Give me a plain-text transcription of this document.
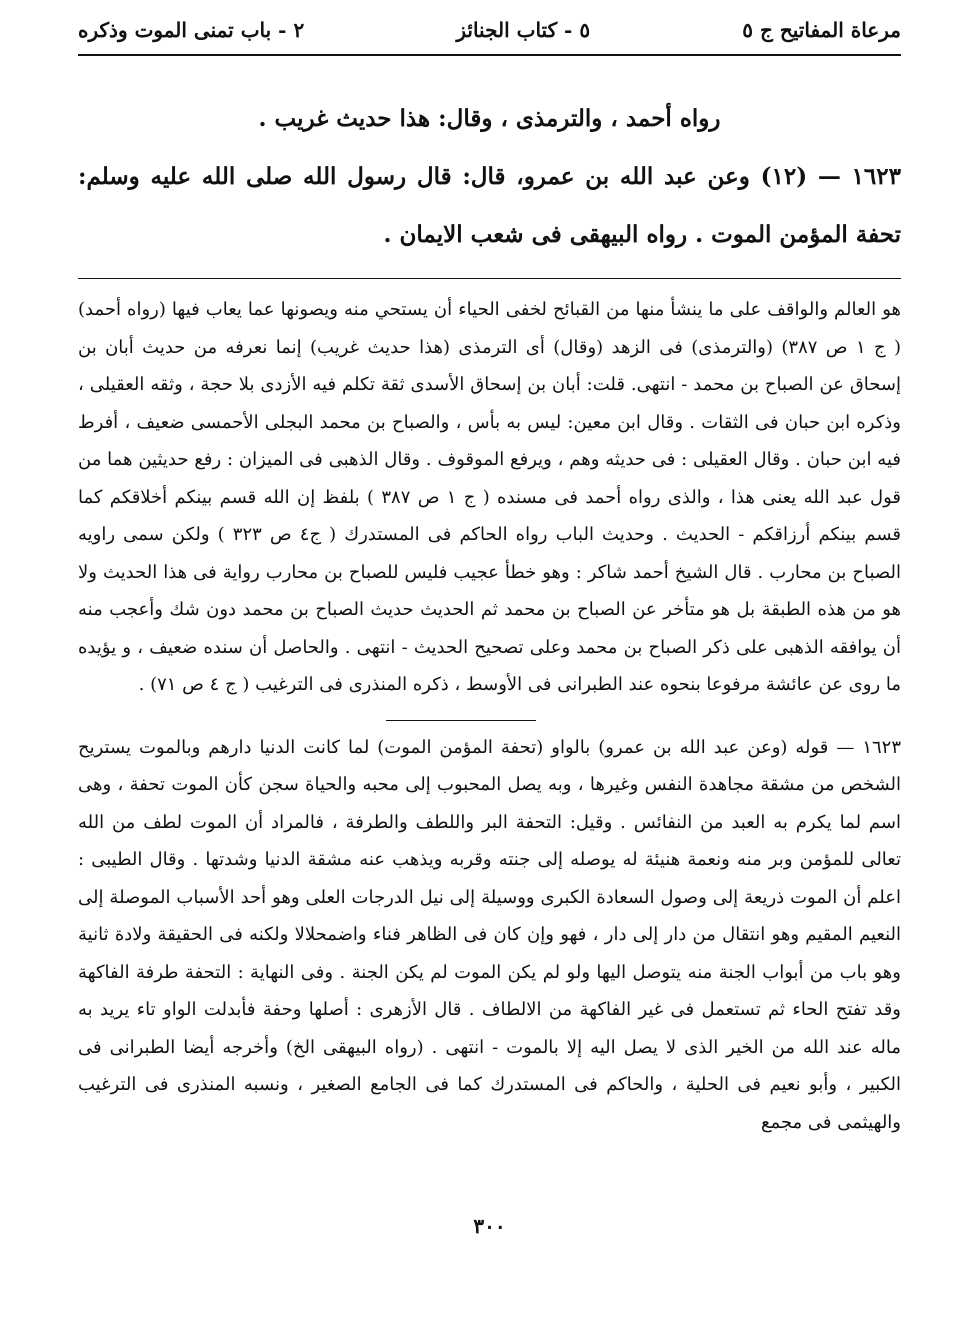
مرعاة المفاتيح ج ٥
٥ - كتاب الجنائز
٢ - باب تمنى الموت وذكره

رواه أحمد ، والترمذى ، وقال: هذا حديث غريب .

١٦٢٣ — (١٢) وعن عبد الله بن عمرو، قال: قال رسول الله صلى الله عليه وسلم: تحفة المؤمن الموت . رواه البيهقى فى شعب الايمان .

هو العالم والواقف على ما ينشأ منها من القبائح لخفى الحياء أن يستحي منه ويصونها عما يعاب فيها (رواه أحمد) ( ج ١ ص ٣٨٧) (والترمذى) فى الزهد (وقال) أى الترمذى (هذا حديث غريب) إنما نعرفه من حديث أبان بن إسحاق عن الصباح بن محمد - انتهى. قلت: أبان بن إسحاق الأسدى ثقة تكلم فيه الأزدى بلا حجة ، وثقه العقيلى ، وذكره ابن حبان فى الثقات . وقال ابن معين: ليس به بأس ، والصباح بن محمد البجلى الأحمسى ضعيف ، أفرط فيه ابن حبان . وقال العقيلى : فى حديثه وهم ، ويرفع الموقوف . وقال الذهبى فى الميزان : رفع حديثين هما من قول عبد الله يعنى هذا ، والذى رواه أحمد فى مسنده ( ج ١ ص ٣٨٧ ) بلفظ إن الله قسم بينكم أخلاقكم كما قسم بينكم أرزاقكم - الحديث . وحديث الباب رواه الحاكم فى المستدرك ( ج٤ ص ٣٢٣ ) ولكن سمى راويه الصباح بن محارب . قال الشيخ أحمد شاكر : وهو خطأ عجيب فليس للصباح بن محارب رواية فى هذا الحديث ولا هو من هذه الطبقة بل هو متأخر عن الصباح بن محمد ثم الحديث حديث الصباح بن محمد دون شك وأعجب منه أن يوافقه الذهبى على ذكر الصباح بن محمد وعلى تصحيح الحديث - انتهى . والحاصل أن سنده ضعيف ، و يؤيده ما روى عن عائشة مرفوعا بنحوه عند الطبرانى فى الأوسط ، ذكره المنذرى فى الترغيب ( ج ٤ ص ٧١) .

١٦٢٣ — قوله (وعن عبد الله بن عمرو) بالواو (تحفة المؤمن الموت) لما كانت الدنيا دارهم وبالموت يستريح الشخص من مشقة مجاهدة النفس وغيرها ، وبه يصل المحبوب إلى محبه والحياة سجن كأن الموت تحفة ، وهى اسم لما يكرم به العبد من النفائس . وقيل: التحفة البر واللطف والطرفة ، فالمراد أن الموت لطف من الله تعالى للمؤمن وبر منه ونعمة هنيئة له يوصله إلى جنته وقربه ويذهب عنه مشقة الدنيا وشدتها . وقال الطيبى : اعلم أن الموت ذريعة إلى وصول السعادة الكبرى ووسيلة إلى نيل الدرجات العلى وهو أحد الأسباب الموصلة إلى النعيم المقيم وهو انتقال من دار إلى دار ، فهو وإن كان فى الظاهر فناء واضمحلالا ولكنه فى الحقيقة ولادة ثانية وهو باب من أبواب الجنة منه يتوصل اليها ولو لم يكن الموت لم يكن الجنة . وفى النهاية : التحفة طرفة الفاكهة وقد تفتح الحاء ثم تستعمل فى غير الفاكهة من الالطاف . قال الأزهرى : أصلها وحفة فأبدلت الواو تاء يريد به ماله عند الله من الخير الذى لا يصل اليه إلا بالموت - انتهى . (رواه البيهقى الخ) وأخرجه أيضا الطبرانى فى الكبير ، وأبو نعيم فى الحلية ، والحاكم فى المستدرك كما فى الجامع الصغير ، ونسبه المنذرى فى الترغيب والهيثمى فى مجمع

٣٠٠
